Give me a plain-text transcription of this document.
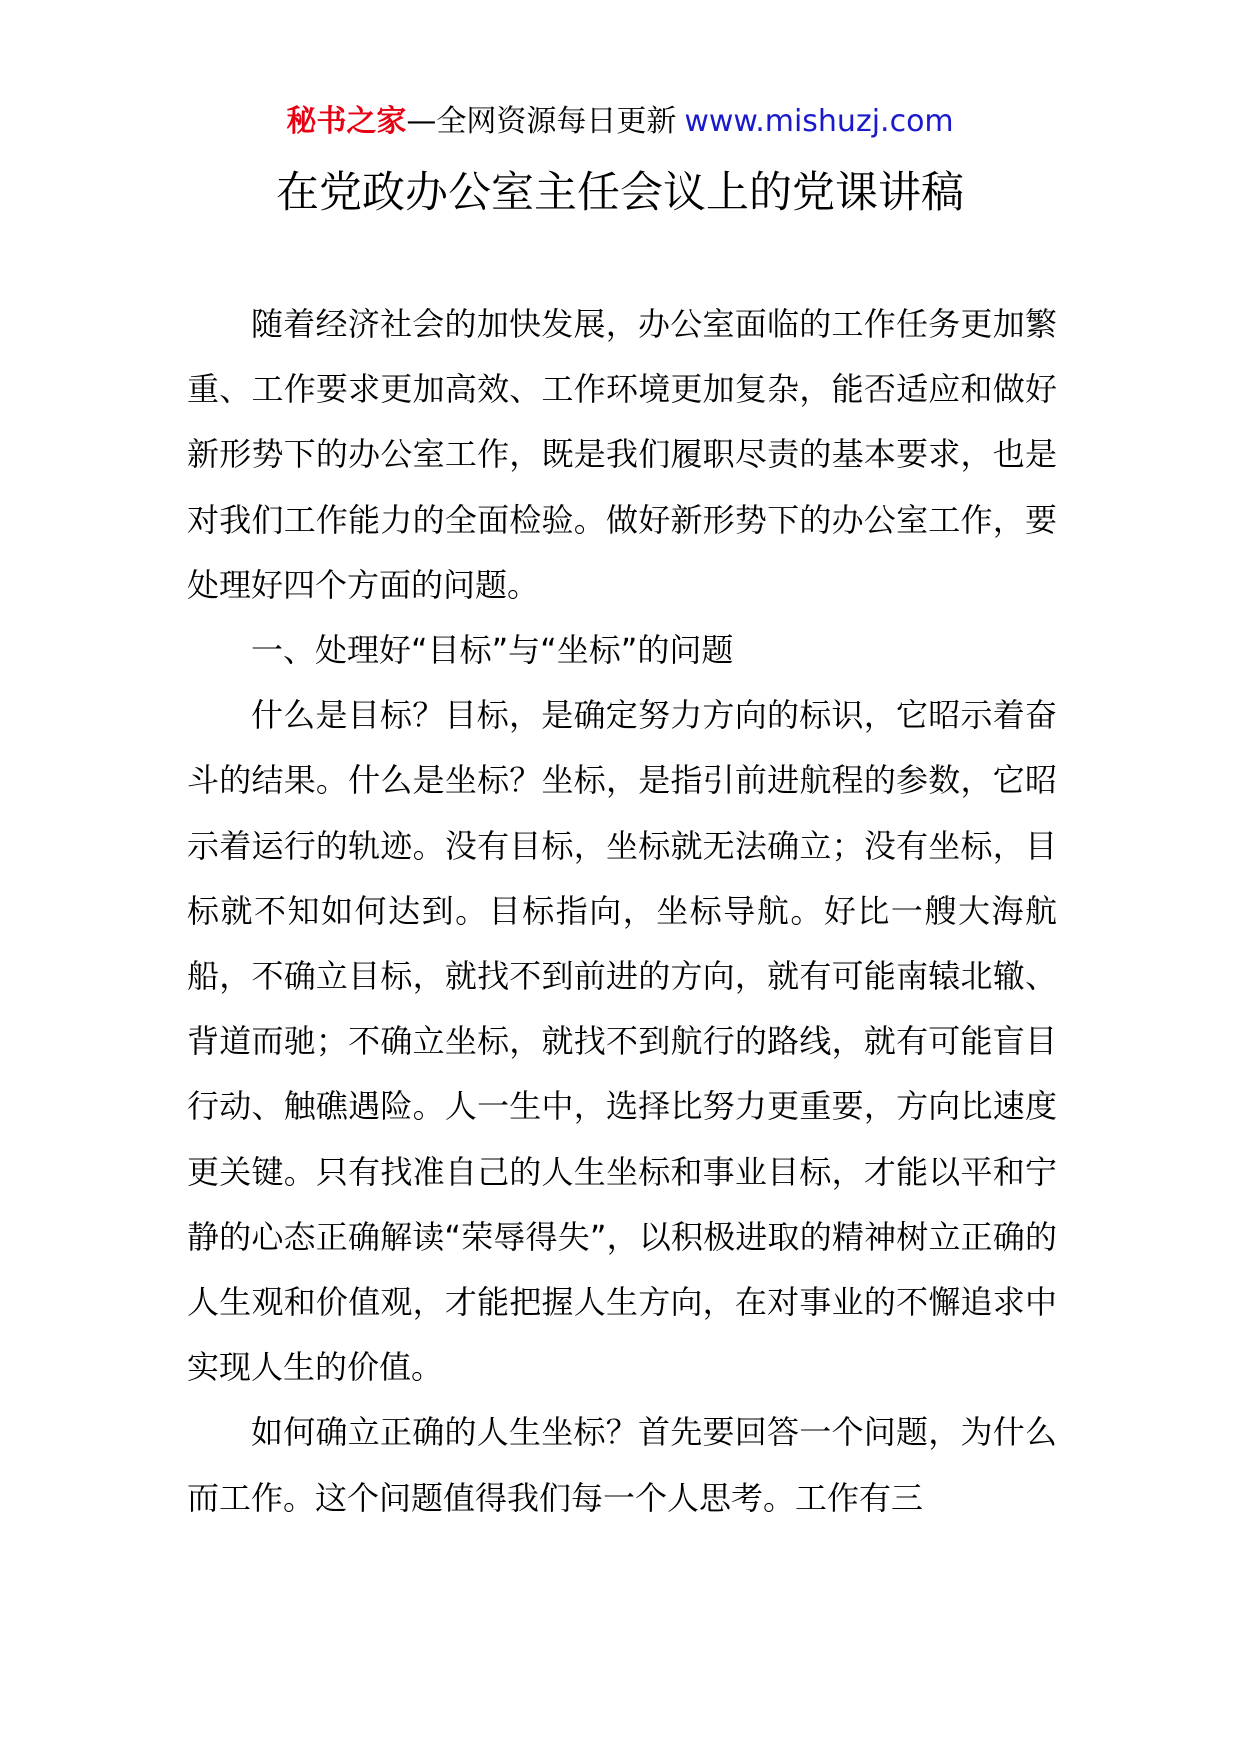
秘书之家—全网资源每日更新 www.mishuzj.com
在党政办公室主任会议上的党课讲稿

随着经济社会的加快发展，办公室面临的工作任务更加繁重、工作要求更加高效、工作环境更加复杂，能否适应和做好新形势下的办公室工作，既是我们履职尽责的基本要求，也是对我们工作能力的全面检验。做好新形势下的办公室工作，要处理好四个方面的问题。

一、处理好“目标”与“坐标”的问题

什么是目标？目标，是确定努力方向的标识，它昭示着奋斗的结果。什么是坐标？坐标，是指引前进航程的参数，它昭示着运行的轨迹。没有目标，坐标就无法确立；没有坐标，目标就不知如何达到。目标指向，坐标导航。好比一艘大海航船，不确立目标，就找不到前进的方向，就有可能南辕北辙、背道而驰；不确立坐标，就找不到航行的路线，就有可能盲目行动、触礁遇险。人一生中，选择比努力更重要，方向比速度更关键。只有找准自己的人生坐标和事业目标，才能以平和宁静的心态正确解读“荣辱得失”，以积极进取的精神树立正确的人生观和价值观，才能把握人生方向，在对事业的不懈追求中实现人生的价值。

如何确立正确的人生坐标？首先要回答一个问题，为什么而工作。这个问题值得我们每一个人思考。工作有三
